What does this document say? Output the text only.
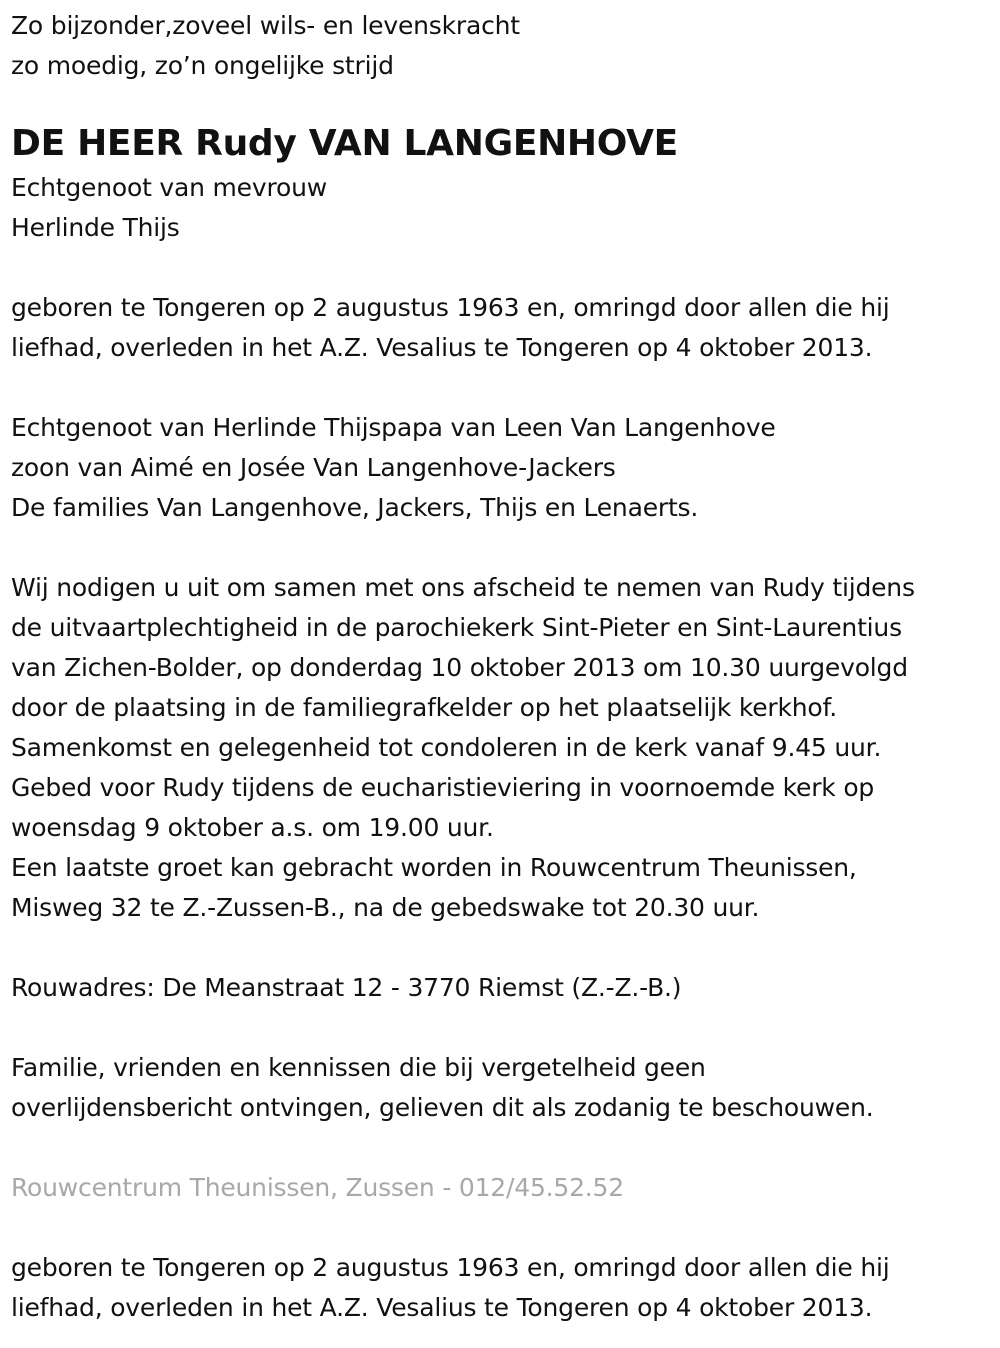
Zo bijzonder,zoveel wils- en levenskracht
zo moedig, zo’n ongelijke strijd
DE HEER Rudy VAN LANGENHOVE
Echtgenoot van mevrouw
Herlinde Thijs
geboren te Tongeren op 2 augustus 1963 en, omringd door allen die hij
liefhad, overleden in het A.Z. Vesalius te Tongeren op 4 oktober 2013.
Echtgenoot van Herlinde Thijspapa van Leen Van Langenhove
zoon van Aimé en Josée Van Langenhove-Jackers
De families Van Langenhove, Jackers, Thijs en Lenaerts.
Wij nodigen u uit om samen met ons afscheid te nemen van Rudy tijdens
de uitvaartplechtigheid in de parochiekerk Sint-Pieter en Sint-Laurentius
van Zichen-Bolder, op donderdag 10 oktober 2013 om 10.30 uurgevolgd
door de plaatsing in de familiegrafkelder op het plaatselijk kerkhof.
Samenkomst en gelegenheid tot condoleren in de kerk vanaf 9.45 uur.
Gebed voor Rudy tijdens de eucharistieviering in voornoemde kerk op
woensdag 9 oktober a.s. om 19.00 uur.
Een laatste groet kan gebracht worden in Rouwcentrum Theunissen,
Misweg 32 te Z.-Zussen-B., na de gebedswake tot 20.30 uur.
Rouwadres: De Meanstraat 12 - 3770 Riemst (Z.-Z.-B.)
Familie, vrienden en kennissen die bij vergetelheid geen
overlijdensbericht ontvingen, gelieven dit als zodanig te beschouwen.
Rouwcentrum Theunissen, Zussen - 012/45.52.52
geboren te Tongeren op 2 augustus 1963 en, omringd door allen die hij
liefhad, overleden in het A.Z. Vesalius te Tongeren op 4 oktober 2013.
